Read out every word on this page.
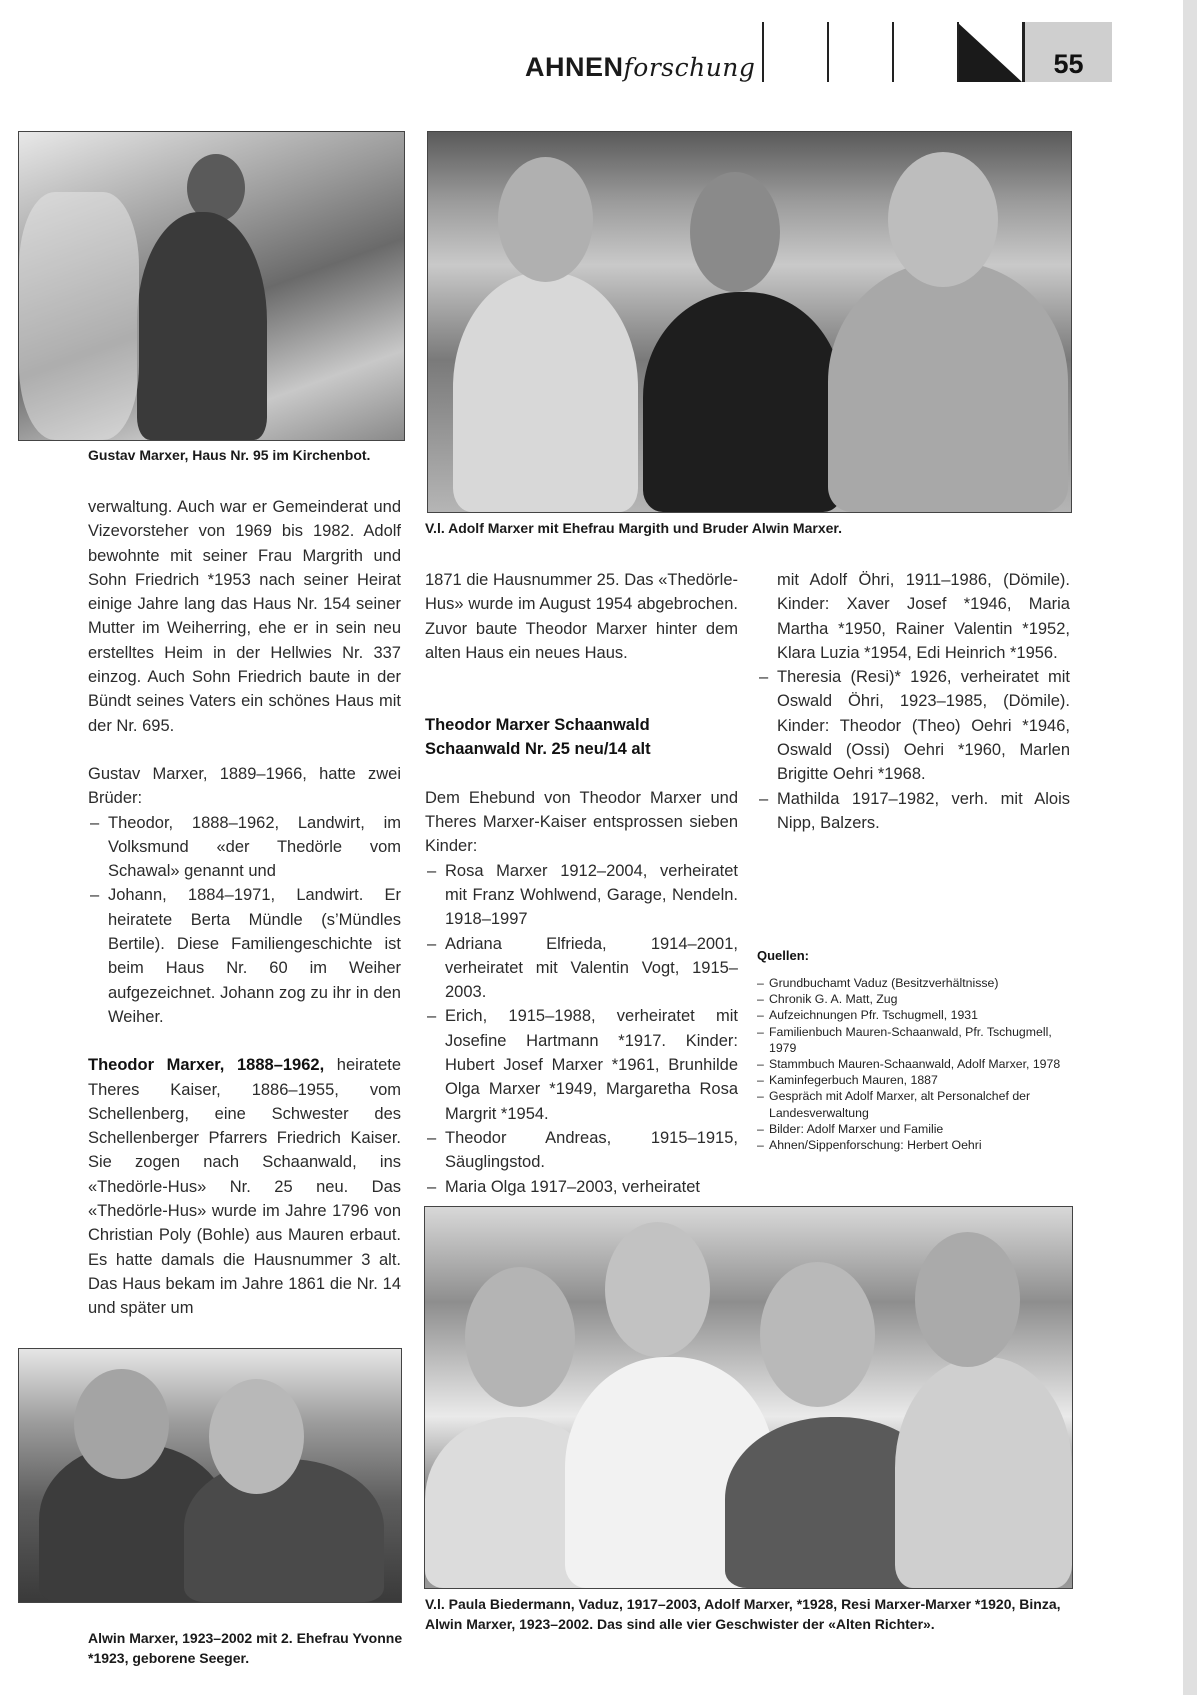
AHNENforschung	55
Gustav Marxer, Haus Nr. 95 im Kirchenbot.
V.l. Adolf Marxer mit Ehefrau Margith und Bruder Alwin Marxer.

verwaltung. Auch war er Gemeinderat und Vizevorsteher von 1969 bis 1982. Adolf bewohnte mit seiner Frau Margrith und Sohn Friedrich *1953 nach seiner Heirat einige Jahre lang das Haus Nr. 154 seiner Mutter im Weiherring, ehe er in sein neu erstelltes Heim in der Hellwies Nr. 337 einzog. Auch Sohn Friedrich baute in der Bündt seines Vaters ein schönes Haus mit der Nr. 695.

Gustav Marxer, 1889–1966, hatte zwei Brüder:

– Theodor, 1888–1962, Landwirt, im Volksmund «der Thedörle vom Schawal» genannt und
– Johann, 1884–1971, Landwirt. Er heiratete Berta Mündle (s’Mündles Bertile). Diese Familiengeschichte ist beim Haus Nr. 60 im Weiher aufgezeichnet. Johann zog zu ihr in den Weiher.

Theodor Marxer, 1888–1962, heiratete Theres Kaiser, 1886–1955, vom Schellenberg, eine Schwester des Schellenberger Pfarrers Friedrich Kaiser. Sie zogen nach Schaanwald, ins «Thedörle-Hus» Nr. 25 neu. Das «Thedörle-Hus» wurde im Jahre 1796 von Christian Poly (Bohle) aus Mauren erbaut. Es hatte damals die Hausnummer 3 alt. Das Haus bekam im Jahre 1861 die Nr. 14 und später um

1871 die Hausnummer 25. Das «Thedörle-Hus» wurde im August 1954 abgebrochen. Zuvor baute Theodor Marxer hinter dem alten Haus ein neues Haus.

Theodor Marxer Schaanwald
Schaanwald Nr. 25 neu/14 alt

Dem Ehebund von Theodor Marxer und Theres Marxer-Kaiser entsprossen sieben Kinder:

– Rosa Marxer 1912–2004, verheiratet mit Franz Wohlwend, Garage, Nendeln. 1918–1997
– Adriana Elfrieda, 1914–2001, verheiratet mit Valentin Vogt, 1915–2003.
– Erich, 1915–1988, verheiratet mit Josefine Hartmann *1917. Kinder: Hubert Josef Marxer *1961, Brunhilde Olga Marxer *1949, Margaretha Rosa Margrit *1954.
– Theodor Andreas, 1915–1915, Säuglingstod.
– Maria Olga 1917–2003, verheiratet

mit Adolf Öhri, 1911–1986, (Dömile). Kinder: Xaver Josef *1946, Maria Martha *1950, Rainer Valentin *1952, Klara Luzia *1954, Edi Heinrich *1956.

– Theresia (Resi)* 1926, verheiratet mit Oswald Öhri, 1923–1985, (Dömile). Kinder: Theodor (Theo) Oehri *1946, Oswald (Ossi) Oehri *1960, Marlen Brigitte Oehri *1968.
– Mathilda 1917–1982, verh. mit Alois Nipp, Balzers.
Quellen:
– Grundbuchamt Vaduz (Besitzverhältnisse)
– Chronik G. A. Matt, Zug
– Aufzeichnungen Pfr. Tschugmell, 1931
– Familienbuch Mauren-Schaanwald, Pfr. Tschugmell, 1979
– Stammbuch Mauren-Schaanwald, Adolf Marxer, 1978
– Kaminfegerbuch Mauren, 1887
– Gespräch mit Adolf Marxer, alt Personalchef der Landesverwaltung
– Bilder: Adolf Marxer und Familie
– Ahnen/Sippenforschung: Herbert Oehri
Alwin Marxer, 1923–2002 mit 2. Ehefrau Yvonne *1923, geborene Seeger.
V.l. Paula Biedermann, Vaduz, 1917–2003, Adolf Marxer, *1928, Resi Marxer-Marxer *1920, Binza, Alwin Marxer, 1923–2002. Das sind alle vier Geschwister der «Alten Richter».
